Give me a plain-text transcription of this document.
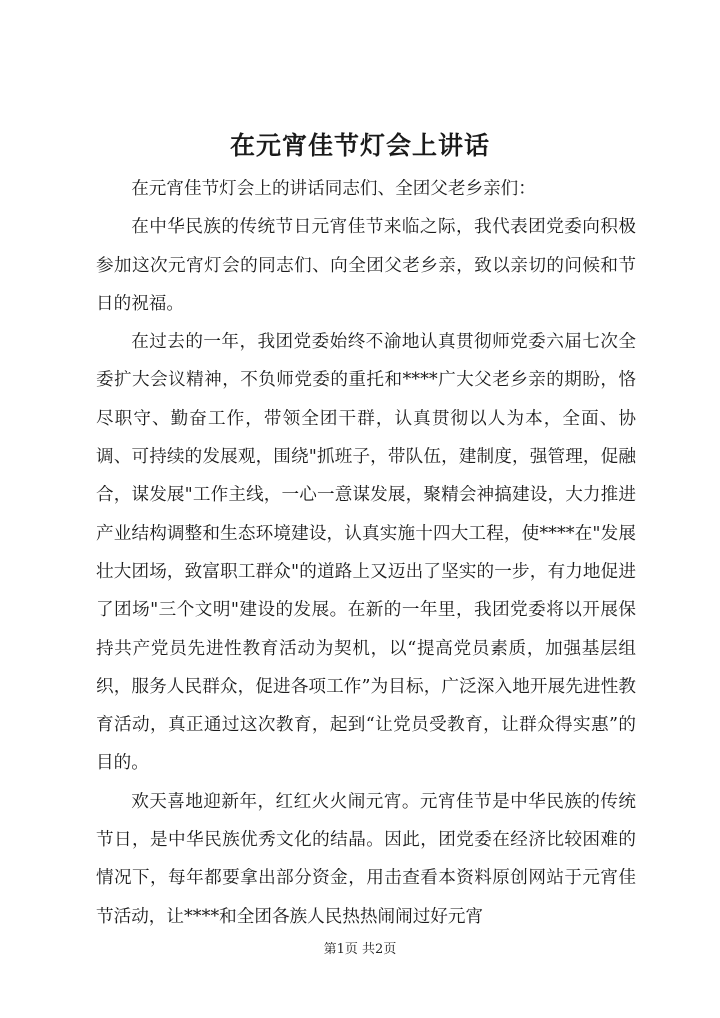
在元宵佳节灯会上讲话

在元宵佳节灯会上的讲话同志们、全团父老乡亲们：

在中华民族的传统节日元宵佳节来临之际，我代表团党委向积极参加这次元宵灯会的同志们、向全团父老乡亲，致以亲切的问候和节日的祝福。

在过去的一年，我团党委始终不渝地认真贯彻师党委六届七次全委扩大会议精神，不负师党委的重托和****广大父老乡亲的期盼，恪尽职守、勤奋工作，带领全团干群，认真贯彻以人为本，全面、协调、可持续的发展观，围绕"抓班子，带队伍，建制度，强管理，促融合，谋发展"工作主线，一心一意谋发展，聚精会神搞建设，大力推进产业结构调整和生态环境建设，认真实施十四大工程，使****在"发展壮大团场，致富职工群众"的道路上又迈出了坚实的一步，有力地促进了团场"三个文明"建设的发展。在新的一年里，我团党委将以开展保持共产党员先进性教育活动为契机，以“提高党员素质，加强基层组织，服务人民群众，促进各项工作”为目标，广泛深入地开展先进性教育活动，真正通过这次教育，起到“让党员受教育，让群众得实惠”的目的。

欢天喜地迎新年，红红火火闹元宵。元宵佳节是中华民族的传统节日，是中华民族优秀文化的结晶。因此，团党委在经济比较困难的情况下，每年都要拿出部分资金，用击查看本资料原创网站于元宵佳节活动，让****和全团各族人民热热闹闹过好元宵

第1页 共2页
